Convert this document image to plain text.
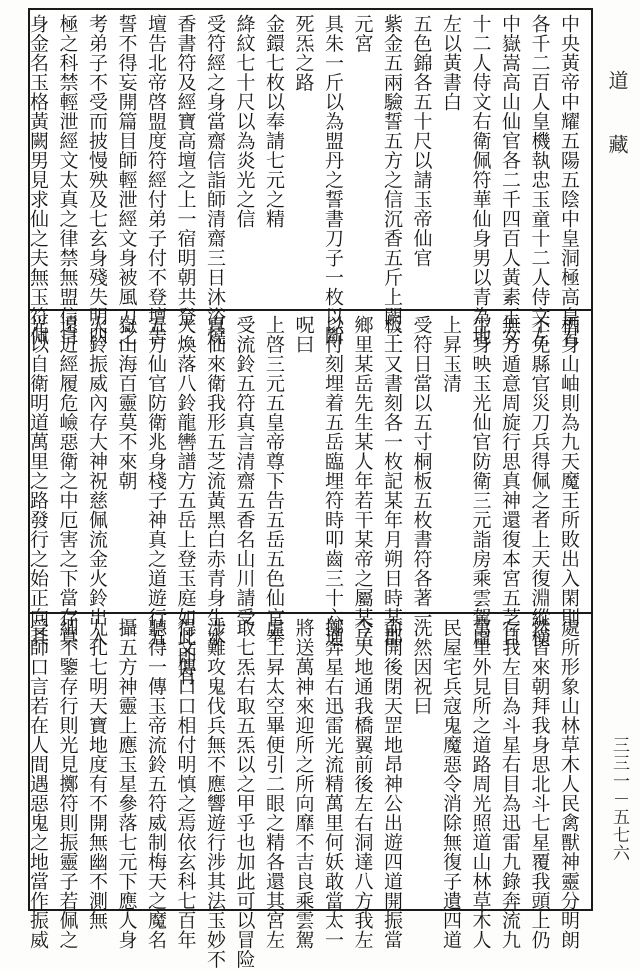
中央黃帝中耀五陽五陰中皇洞極高皇君
各千二百人皇機執忠玉童十二人侍文左
中嶽嵩高山仙官各二千四百人黃素玉女
十二人侍文右衛佩符華仙身男以青為地
左以黃書白
五色錦各五十尺以請玉帝仙官
紫金五兩驗誓五方之信沉香五斤上闕三
元宮
具朱一斤以為盟丹之誓書刀子一枚以斷
死炁之路
金鐶七枚以奉請七元之精
絳紋七十尺以為炎光之信
受符經之身當齋信詣師清齋三日沐浴燒
香書符及經寶高壇之上一宿明朝共登
壇告北帝啓盟度符經付弟子付不登壇告
誓不得妄開篇目師輕泄經文身被風刀之
考弟子不受而披慢殃及七玄身殘失明四
極之科禁輕泄經文太真之律禁無盟信自
身金名玉格黃闕男見求仙之夫無玉符佩
栖身山岫則為九天魔王所敗出入閑則
不免縣官災刀兵得佩之者上天復淵縱橫
無方遁意周旋行思真神還復本宮五芝自
生身映玉光仙官防衛三元詣房乘雲駕虛
上昇玉清
受符日當以五寸桐板五枚書符各著一
板上又書刻各一枚記某年月朔日時某郡
鄉里某岳先生某人年若干某帝之屬某岳
以付刻埋着五岳臨埋符時叩齒三十六通
呪曰
上啓三元五皇帝尊下告五岳五色仙官奉
受流鈴五符真言清齋五香名山川請受
真仙來衛我形五芝流黃黑白赤青身生水
火煥落八鈴龍轡譜方五岳上登玉庭如此即有
五方仙官防衛兆身棧子神真之道遊行五
嶽山海百靈莫不來朝
火鈴振威內存大神祝慈佩流金火鈴出入
遠近經履危嶮惡衛之中厄害之下當存真
光以自衛明道萬里之路發行之始正向其
處所形象山林草木人民禽獸神靈分明朗
然皆來朝拜我身思北斗七星覆我頭上仍
存我左目為斗星右目為迅雷九錄奔流九
萬里外見所之道路周光照道山林草木人
民屋宅兵寇鬼魔惡令消除無復子遺四道
洗然因祝曰
前開後閉天罡地昂神公出遊四道開振當
今天地通我橋翼前後左右洞達八方我左
擲奔星右迅雷光流精萬里何妖敢當太一
將送萬神來迎所之所向靡不吉良乘雲駕
虛上昇太空畢便引二眼之精各還其宮左
取七炁右取五炁以之甲乎也加此可以冒险
涉難攻鬼伐兵無不應響遊行涉其法玉妙不
得文傳口口相付明慎之焉依玄科七百年
聽得一傳玉帝流鈴五符威制梅天之魔名
攝五方神靈上應玉星參落七元下應人身
九孔七明天寶地度有不開無幽不測無
細不鑒存行則光見擲符則振靈子若佩之
受師口言若在人間遇惡鬼之地當作振威
道　藏
三三一－五七六
